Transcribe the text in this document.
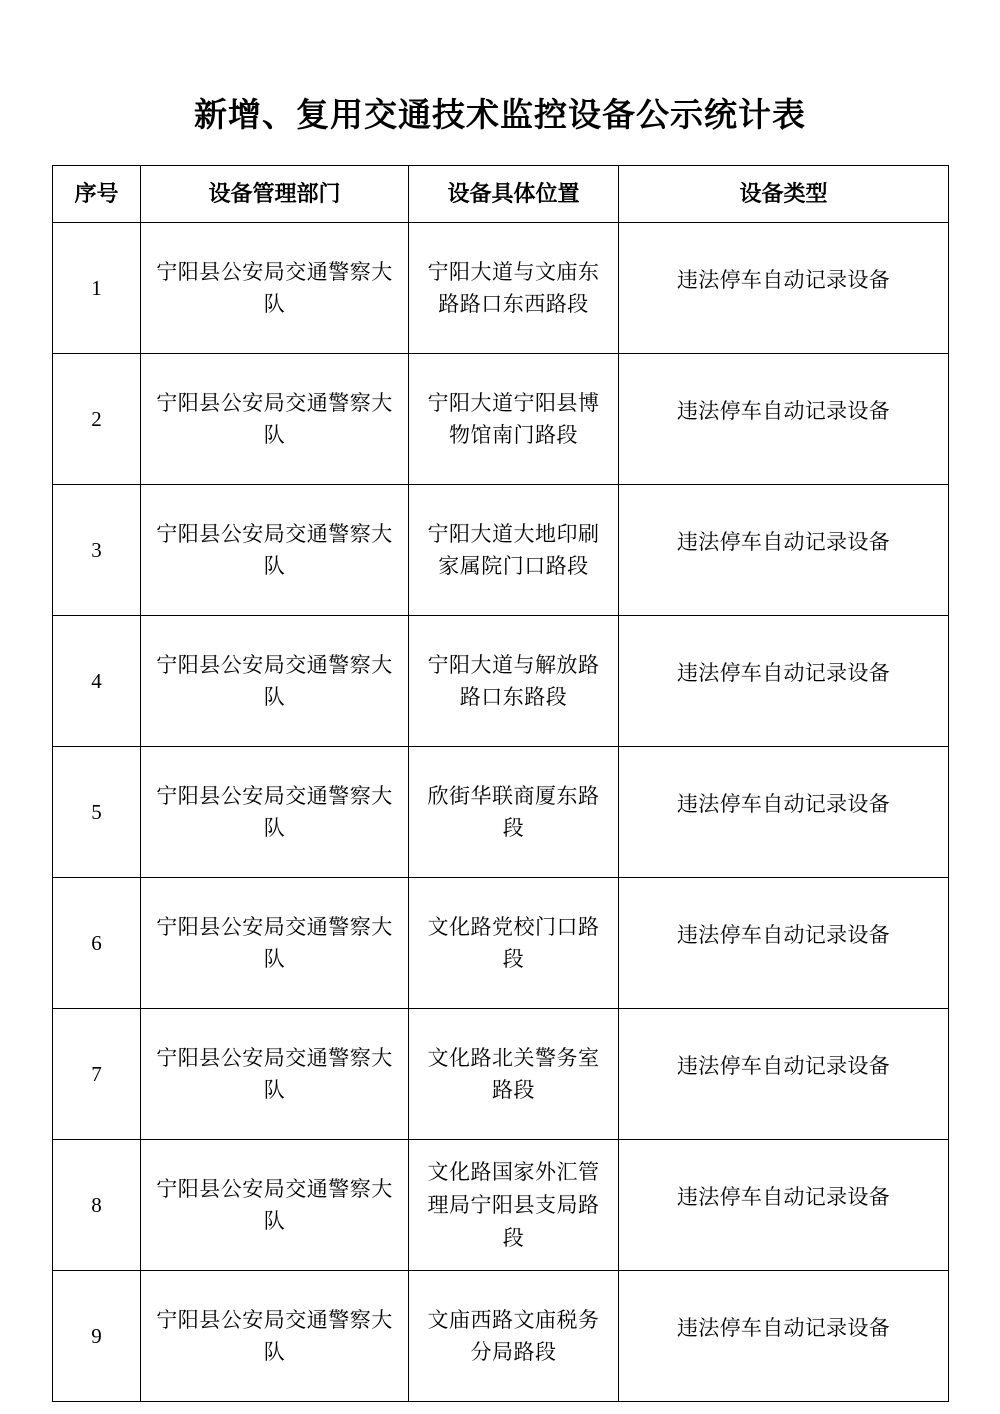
新增、复用交通技术监控设备公示统计表
序号	设备管理部门	设备具体位置	设备类型
1	宁阳县公安局交通警察大队	宁阳大道与文庙东路路口东西路段	违法停车自动记录设备

2	宁阳县公安局交通警察大队	宁阳大道宁阳县博物馆南门路段	违法停车自动记录设备

3	宁阳县公安局交通警察大队	宁阳大道大地印刷家属院门口路段	违法停车自动记录设备

4	宁阳县公安局交通警察大队	宁阳大道与解放路路口东路段	违法停车自动记录设备

5	宁阳县公安局交通警察大队	欣街华联商厦东路段	违法停车自动记录设备

6	宁阳县公安局交通警察大队	文化路党校门口路段	违法停车自动记录设备

7	宁阳县公安局交通警察大队	文化路北关警务室路段	违法停车自动记录设备

8	宁阳县公安局交通警察大队	文化路国家外汇管理局宁阳县支局路段	违法停车自动记录设备

9	宁阳县公安局交通警察大队	文庙西路文庙税务分局路段	违法停车自动记录设备
